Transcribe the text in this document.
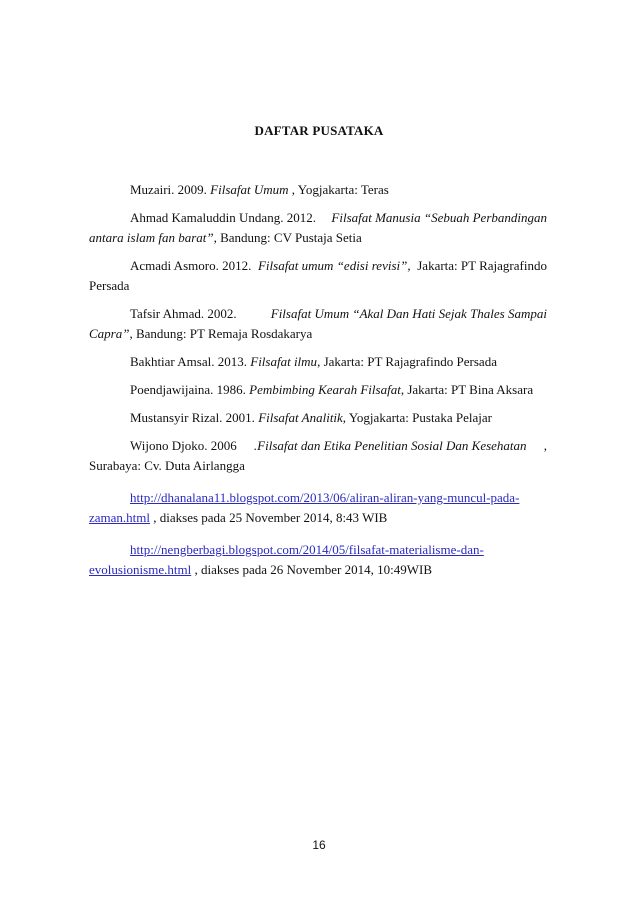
DAFTAR PUSATAKA

Muzairi. 2009. Filsafat Umum , Yogjakarta: Teras

Ahmad Kamaluddin Undang. 2012. Filsafat Manusia “Sebuah Perbandingan
antara islam fan barat”, Bandung: CV Pustaja Setia

Acmadi Asmoro. 2012. Filsafat umum “edisi revisi”, Jakarta: PT Rajagrafindo
Persada

Tafsir Ahmad. 2002.	Filsafat Umum “Akal Dan Hati Sejak Thales Sampai
Capra”, Bandung: PT Remaja Rosdakarya

Bakhtiar Amsal. 2013. Filsafat ilmu, Jakarta: PT Rajagrafindo Persada

Poendjawijaina. 1986. Pembimbing Kearah Filsafat, Jakarta: PT Bina Aksara

Mustansyir Rizal. 2001. Filsafat Analitik, Yogjakarta: Pustaka Pelajar

Wijono Djoko. 2006 .Filsafat dan Etika Penelitian Sosial Dan Kesehatan ,
Surabaya: Cv. Duta Airlangga

http://dhanalana11.blogspot.com/2013/06/aliran-aliran-yang-muncul-pada-
zaman.html , diakses pada 25 November 2014, 8:43 WIB

http://nengberbagi.blogspot.com/2014/05/filsafat-materialisme-dan-
evolusionisme.html , diakses pada 26 November 2014, 10:49WIB

16
